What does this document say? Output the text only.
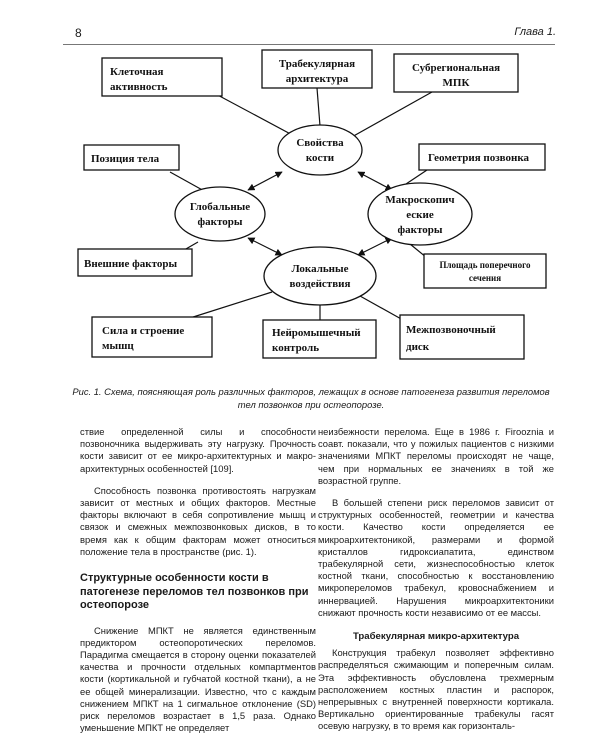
8	Глава 1.
Клеточная
активность
Трабекулярная
архитектура
Субрегиональная
МПК
Позиция тела	Геометрия позвонка
Внешние факторы	Площадь поперечного
сечения
Сила и строение
мышц
Нейромышечный
контроль
Межпозвоночный
диск
Свойства
кости
Глобальные
факторы
Макроскопич
еские
факторы
Локальные
воздействия
Рис. 1. Схема, поясняющая роль различных факторов, лежащих в основе патогенеза развития переломов тел позвонков при остеопорозе.

ствие определенной силы и способности позвоночника выдерживать эту нагрузку. Прочность кости зависит от ее микро-архитектурных и макро-архитектурных особенностей [109].

Способность позвонка противостоять нагрузкам зависит от местных и общих факторов. Местные факторы включают в себя сопротивление мышц и связок и смежных межпозвонковых дисков, в то время как к общим факторам может относиться положение тела в пространстве (рис. 1).

Структурные особенности кости в патогенезе переломов тел позвонков при остеопорозе

Снижение МПКТ не является единственным предиктором остеопоротических переломов. Парадигма смещается в сторону оценки показателей качества и прочности отдельных компартментов кости (кортикальной и губчатой костной ткани), а не ее общей минерализации. Известно, что с каждым снижением МПКТ на 1 сигмальное отклонение (SD) риск переломов возрастает в 1,5 раза. Однако уменьшение МПКТ не определяет

неизбежности перелома. Еще в 1986 г. Firooznia и соавт. показали, что у пожилых пациентов с низкими значениями МПКТ переломы происходят не чаще, чем при нормальных ее значениях в той же возрастной группе.

В большей степени риск переломов зависит от структурных особенностей, геометрии и качества кости. Качество кости определяется ее микроархитектоникой, размерами и формой кристаллов гидроксиапатита, единством трабекулярной сети, жизнеспособностью клеток костной ткани, способностью к восстановлению микропереломов трабекул, кровоснабжением и иннервацией. Нарушения микроархитектоники снижают прочность кости независимо от ее массы.

Трабекулярная микро-архитектура

Конструкция трабекул позволяет эффективно распределяться сжимающим и поперечным силам. Эта эффективность обусловлена трехмерным расположением костных пластин и распорок, непрерывных с внутренней поверхности кортикала. Вертикально ориентированные трабекулы гасят осевую нагрузку, в то время как горизонталь-
